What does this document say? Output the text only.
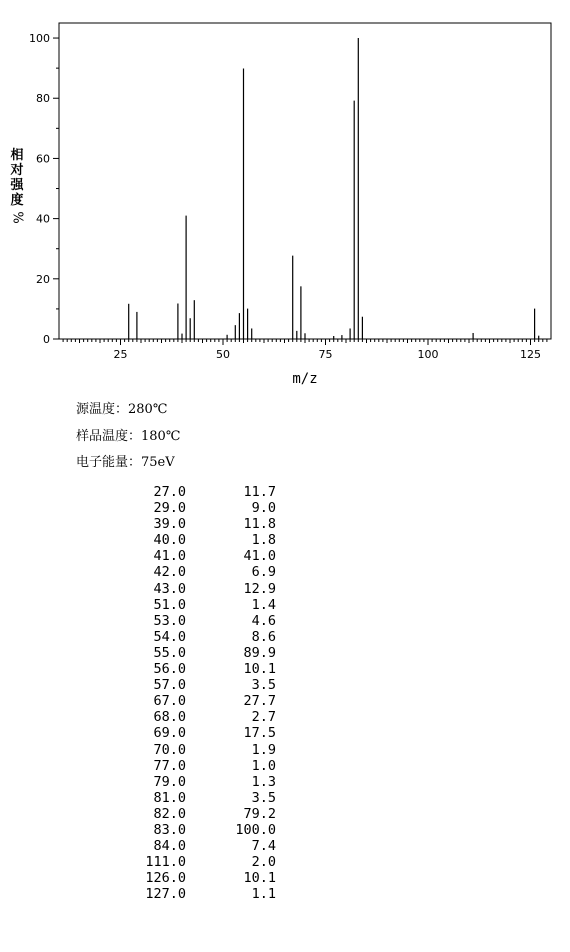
0
20
40
60
80
100
25	50	75	100	125
m/z
相对强度
%
源温度：280℃
样品温度：180℃
电子能量：75eV
27.0	11.7
29.0	9.0
39.0	11.8
40.0	1.8
41.0	41.0
42.0	6.9
43.0	12.9
51.0	1.4
53.0	4.6
54.0	8.6
55.0	89.9
56.0	10.1
57.0	3.5
67.0	27.7
68.0	2.7
69.0	17.5
70.0	1.9
77.0	1.0
79.0	1.3
81.0	3.5
82.0	79.2
83.0	100.0
84.0	7.4
111.0	2.0
126.0	10.1
127.0	1.1
